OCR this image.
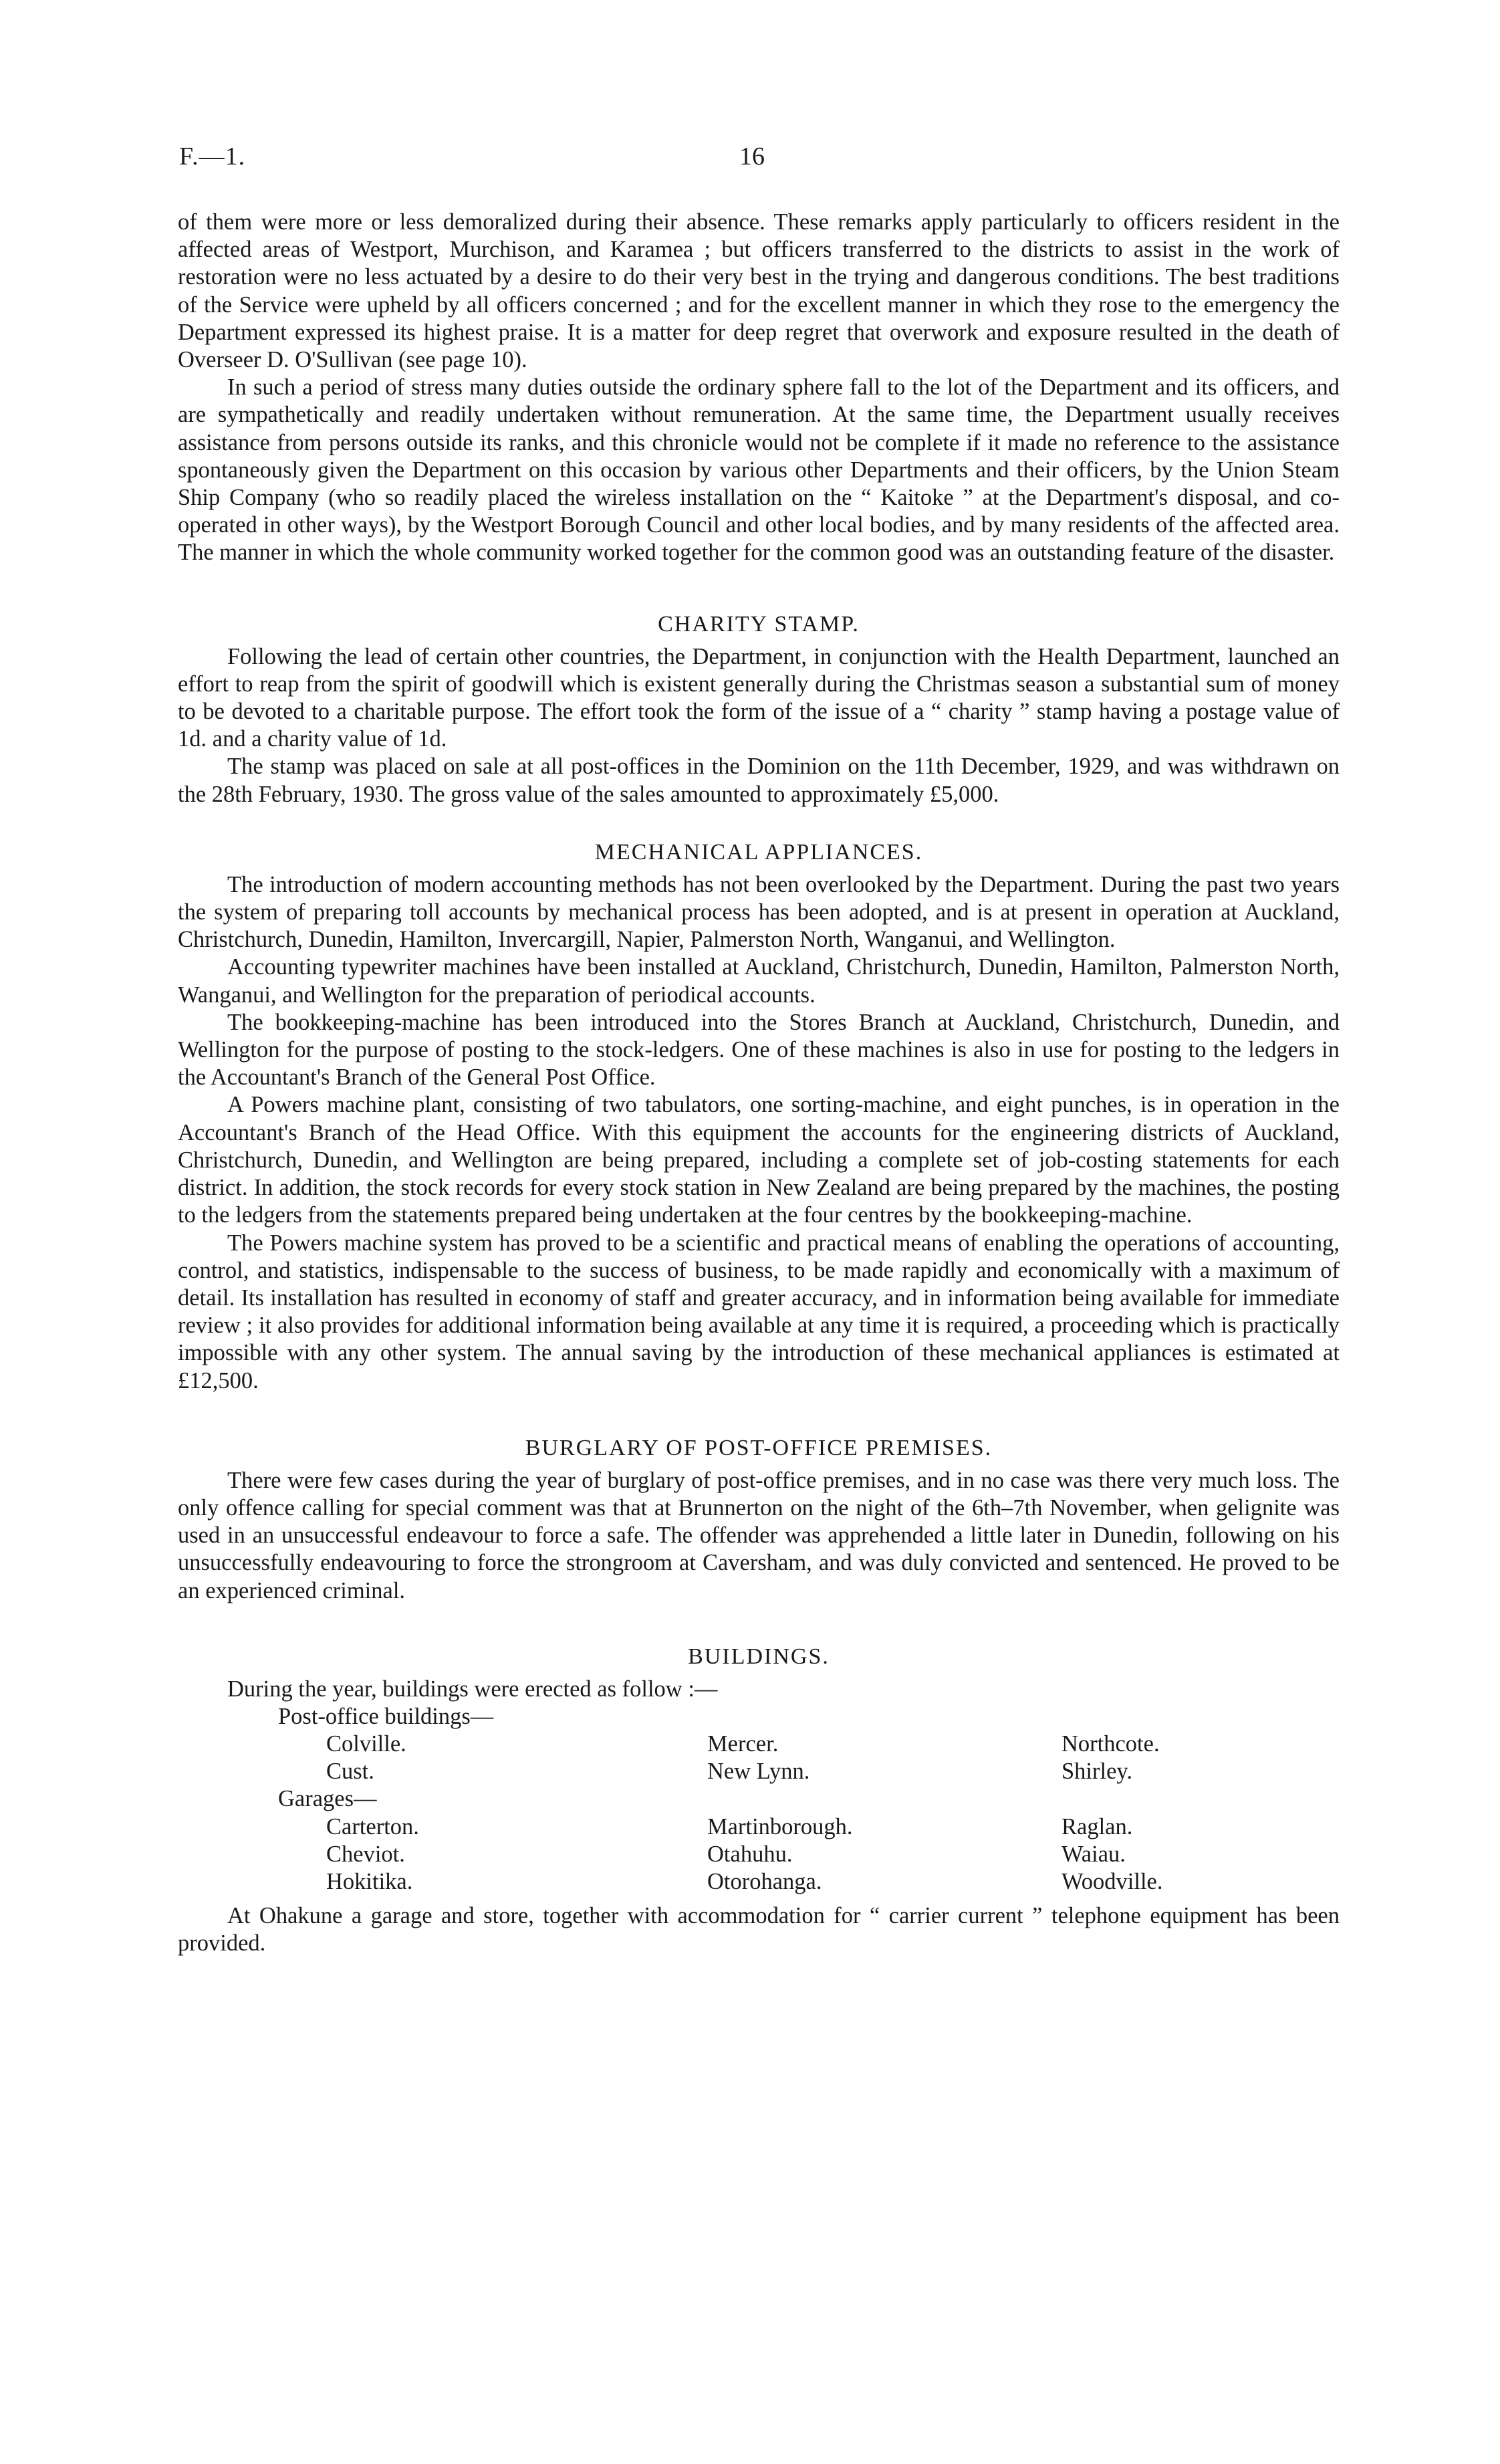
F.—1.	16

of them were more or less demoralized during their absence. These remarks apply particularly to officers resident in the affected areas of Westport, Murchison, and Karamea ; but officers transferred to the districts to assist in the work of restoration were no less actuated by a desire to do their very best in the trying and dangerous conditions. The best traditions of the Service were upheld by all officers concerned ; and for the excellent manner in which they rose to the emergency the Department expressed its highest praise. It is a matter for deep regret that overwork and exposure resulted in the death of Overseer D. O'Sullivan (see page 10).

In such a period of stress many duties outside the ordinary sphere fall to the lot of the Department and its officers, and are sympathetically and readily undertaken without remuneration. At the same time, the Department usually receives assistance from persons outside its ranks, and this chronicle would not be complete if it made no reference to the assistance spontaneously given the Department on this occasion by various other Departments and their officers, by the Union Steam Ship Company (who so readily placed the wireless installation on the “ Kaitoke ” at the Department's disposal, and co-operated in other ways), by the Westport Borough Council and other local bodies, and by many residents of the affected area. The manner in which the whole community worked together for the common good was an outstanding feature of the disaster.

CHARITY STAMP.

Following the lead of certain other countries, the Department, in conjunction with the Health Department, launched an effort to reap from the spirit of goodwill which is existent generally during the Christmas season a substantial sum of money to be devoted to a charitable purpose. The effort took the form of the issue of a “ charity ” stamp having a postage value of 1d. and a charity value of 1d.

The stamp was placed on sale at all post-offices in the Dominion on the 11th December, 1929, and was withdrawn on the 28th February, 1930. The gross value of the sales amounted to approximately £5,000.

MECHANICAL APPLIANCES.

The introduction of modern accounting methods has not been overlooked by the Department. During the past two years the system of preparing toll accounts by mechanical process has been adopted, and is at present in operation at Auckland, Christchurch, Dunedin, Hamilton, Invercargill, Napier, Palmerston North, Wanganui, and Wellington.

Accounting typewriter machines have been installed at Auckland, Christchurch, Dunedin, Hamilton, Palmerston North, Wanganui, and Wellington for the preparation of periodical accounts.

The bookkeeping-machine has been introduced into the Stores Branch at Auckland, Christchurch, Dunedin, and Wellington for the purpose of posting to the stock-ledgers. One of these machines is also in use for posting to the ledgers in the Accountant's Branch of the General Post Office.

A Powers machine plant, consisting of two tabulators, one sorting-machine, and eight punches, is in operation in the Accountant's Branch of the Head Office. With this equipment the accounts for the engineering districts of Auckland, Christchurch, Dunedin, and Wellington are being prepared, including a complete set of job-costing statements for each district. In addition, the stock records for every stock station in New Zealand are being prepared by the machines, the posting to the ledgers from the statements prepared being undertaken at the four centres by the bookkeeping-machine.

The Powers machine system has proved to be a scientific and practical means of enabling the operations of accounting, control, and statistics, indispensable to the success of business, to be made rapidly and economically with a maximum of detail. Its installation has resulted in economy of staff and greater accuracy, and in information being available for immediate review ; it also provides for additional information being available at any time it is required, a proceeding which is practically impossible with any other system. The annual saving by the introduction of these mechanical appliances is estimated at £12,500.

BURGLARY OF POST-OFFICE PREMISES.

There were few cases during the year of burglary of post-office premises, and in no case was there very much loss. The only offence calling for special comment was that at Brunnerton on the night of the 6th–7th November, when gelignite was used in an unsuccessful endeavour to force a safe. The offender was apprehended a little later in Dunedin, following on his unsuccessfully endeavouring to force the strongroom at Caversham, and was duly convicted and sentenced. He proved to be an experienced criminal.

BUILDINGS.
During the year, buildings were erected as follow :—
Post-office buildings—
Colville.	Mercer.	Northcote.
Cust.	New Lynn.	Shirley.
Garages—
Carterton.	Martinborough.	Raglan.
Cheviot.	Otahuhu.	Waiau.
Hokitika.	Otorohanga.	Woodville.

At Ohakune a garage and store, together with accommodation for “ carrier current ” telephone equipment has been provided.
